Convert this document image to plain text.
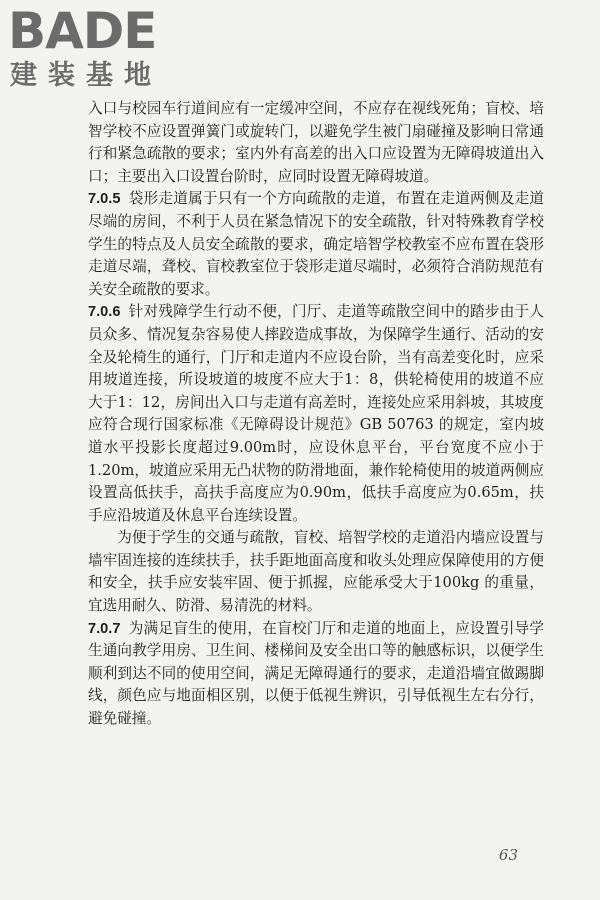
BADE
建装基地

入口与校园车行道间应有一定缓冲空间，不应存在视线死角；盲校、培智学校不应设置弹簧门或旋转门，以避免学生被门扇碰撞及影响日常通行和紧急疏散的要求；室内外有高差的出入口应设置为无障碍坡道出入口；主要出入口设置台阶时，应同时设置无障碍坡道。

7.0.5 袋形走道属于只有一个方向疏散的走道，布置在走道两侧及走道尽端的房间，不利于人员在紧急情况下的安全疏散，针对特殊教育学校学生的特点及人员安全疏散的要求，确定培智学校教室不应布置在袋形走道尽端，聋校、盲校教室位于袋形走道尽端时，必须符合消防规范有关安全疏散的要求。

7.0.6 针对残障学生行动不便，门厅、走道等疏散空间中的踏步由于人员众多、情况复杂容易使人摔跤造成事故，为保障学生通行、活动的安全及轮椅生的通行，门厅和走道内不应设台阶，当有高差变化时，应采用坡道连接，所设坡道的坡度不应大于1：8，供轮椅使用的坡道不应大于1：12，房间出入口与走道有高差时，连接处应采用斜坡，其坡度应符合现行国家标准《无障碍设计规范》GB 50763 的规定，室内坡道水平投影长度超过9.00m时，应设休息平台，平台宽度不应小于1.20m，坡道应采用无凸状物的防滑地面，兼作轮椅使用的坡道两侧应设置高低扶手，高扶手高度应为0.90m，低扶手高度应为0.65m，扶手应沿坡道及休息平台连续设置。

为便于学生的交通与疏散，盲校、培智学校的走道沿内墙应设置与墙牢固连接的连续扶手，扶手距地面高度和收头处理应保障使用的方便和安全，扶手应安装牢固、便于抓握，应能承受大于100kg 的重量，宜选用耐久、防滑、易清洗的材料。

7.0.7 为满足盲生的使用，在盲校门厅和走道的地面上，应设置引导学生通向教学用房、卫生间、楼梯间及安全出口等的触感标识，以便学生顺利到达不同的使用空间，满足无障碍通行的要求，走道沿墙宜做踢脚线，颜色应与地面相区别，以便于低视生辨识，引导低视生左右分行，避免碰撞。

63
